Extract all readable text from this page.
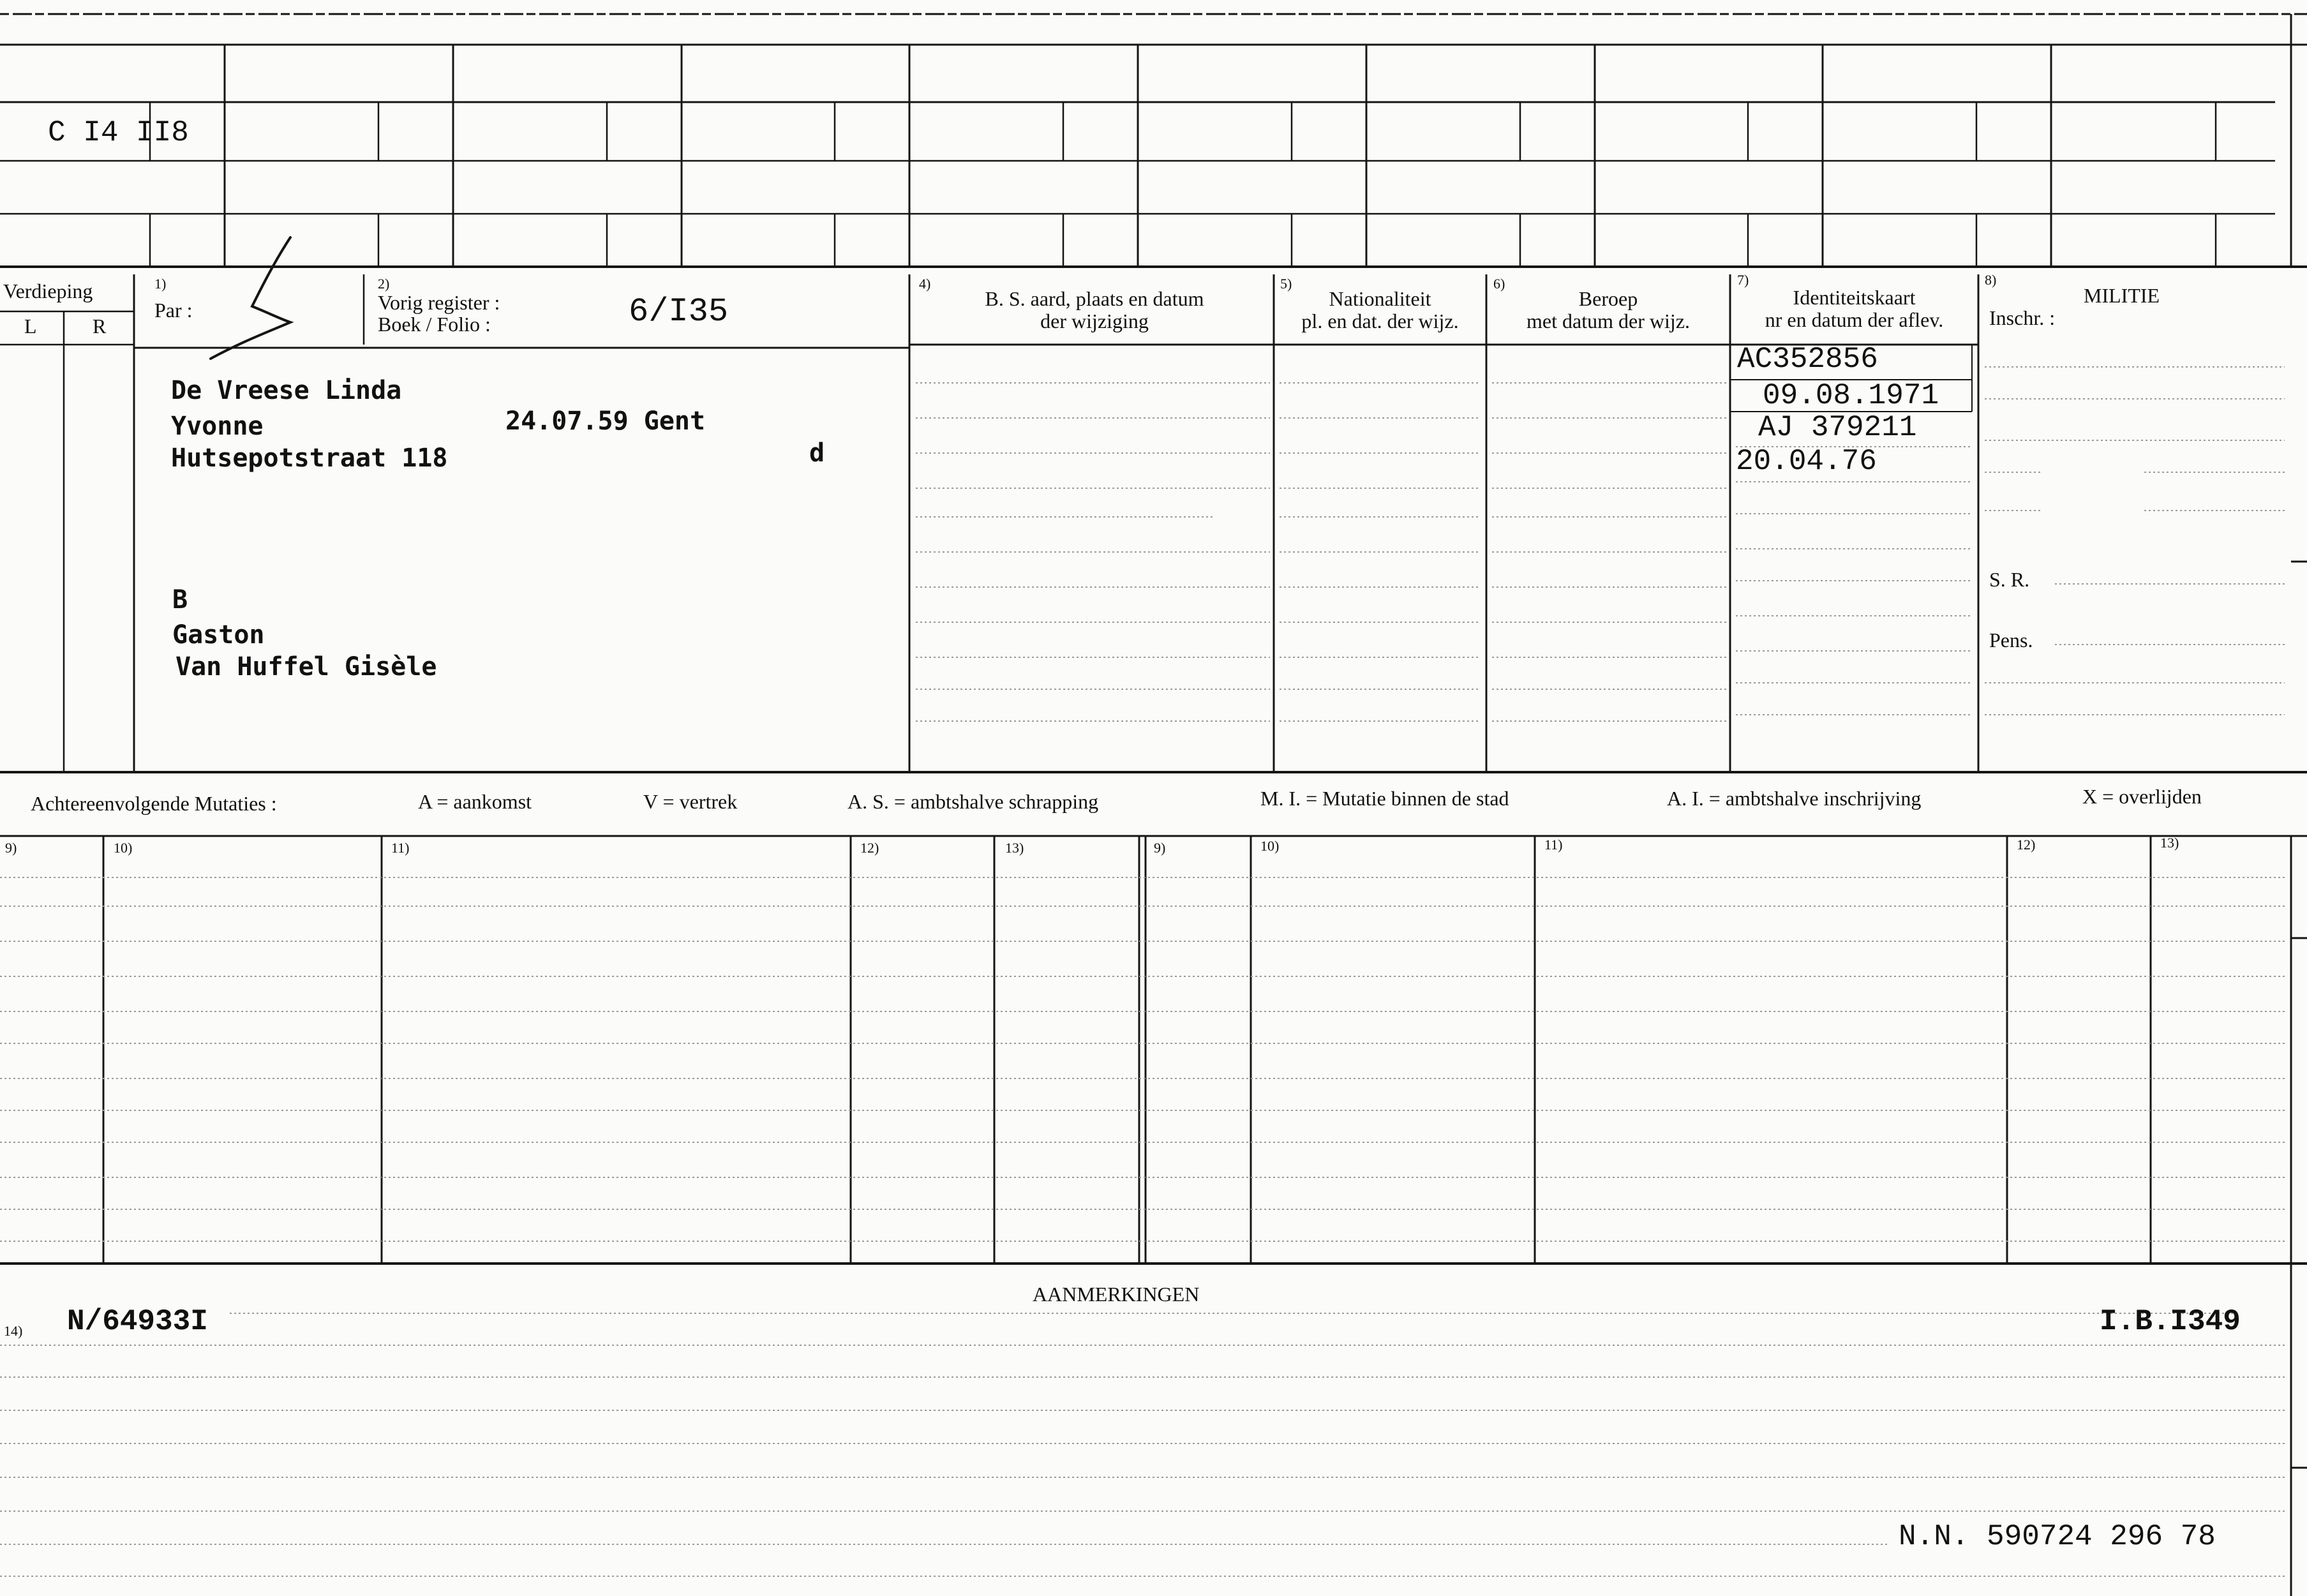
C I4 II8
Verdieping
L	R
1)
Par :
2)
Vorig register :
Boek / Folio :	6/I35
4)
B. S. aard, plaats en datum
der wijziging
5)
Nationaliteit
pl. en dat. der wijz.
6)
Beroep
met datum der wijz.
7)
Identiteitskaart
nr en datum der aflev.
8)
MILITIE
Inschr. :
S. R.
Pens.
De Vreese Linda
Yvonne	24.07.59 Gent
Hutsepotstraat 118	d
B
Gaston
Van Huffel Gisèle
AC352856
09.08.1971
AJ 379211
20.04.76
Achtereenvolgende Mutaties :	A = aankomst	V = vertrek	A. S. = ambtshalve schrapping	M. I. = Mutatie binnen de stad	A. I. = ambtshalve inschrijving	X = overlijden
9)	10)	11)	12)	13)	9)	10)	11)	12)	13)
AANMERKINGEN
14) N/64933I	I.B.I349
N.N. 590724 296 78
